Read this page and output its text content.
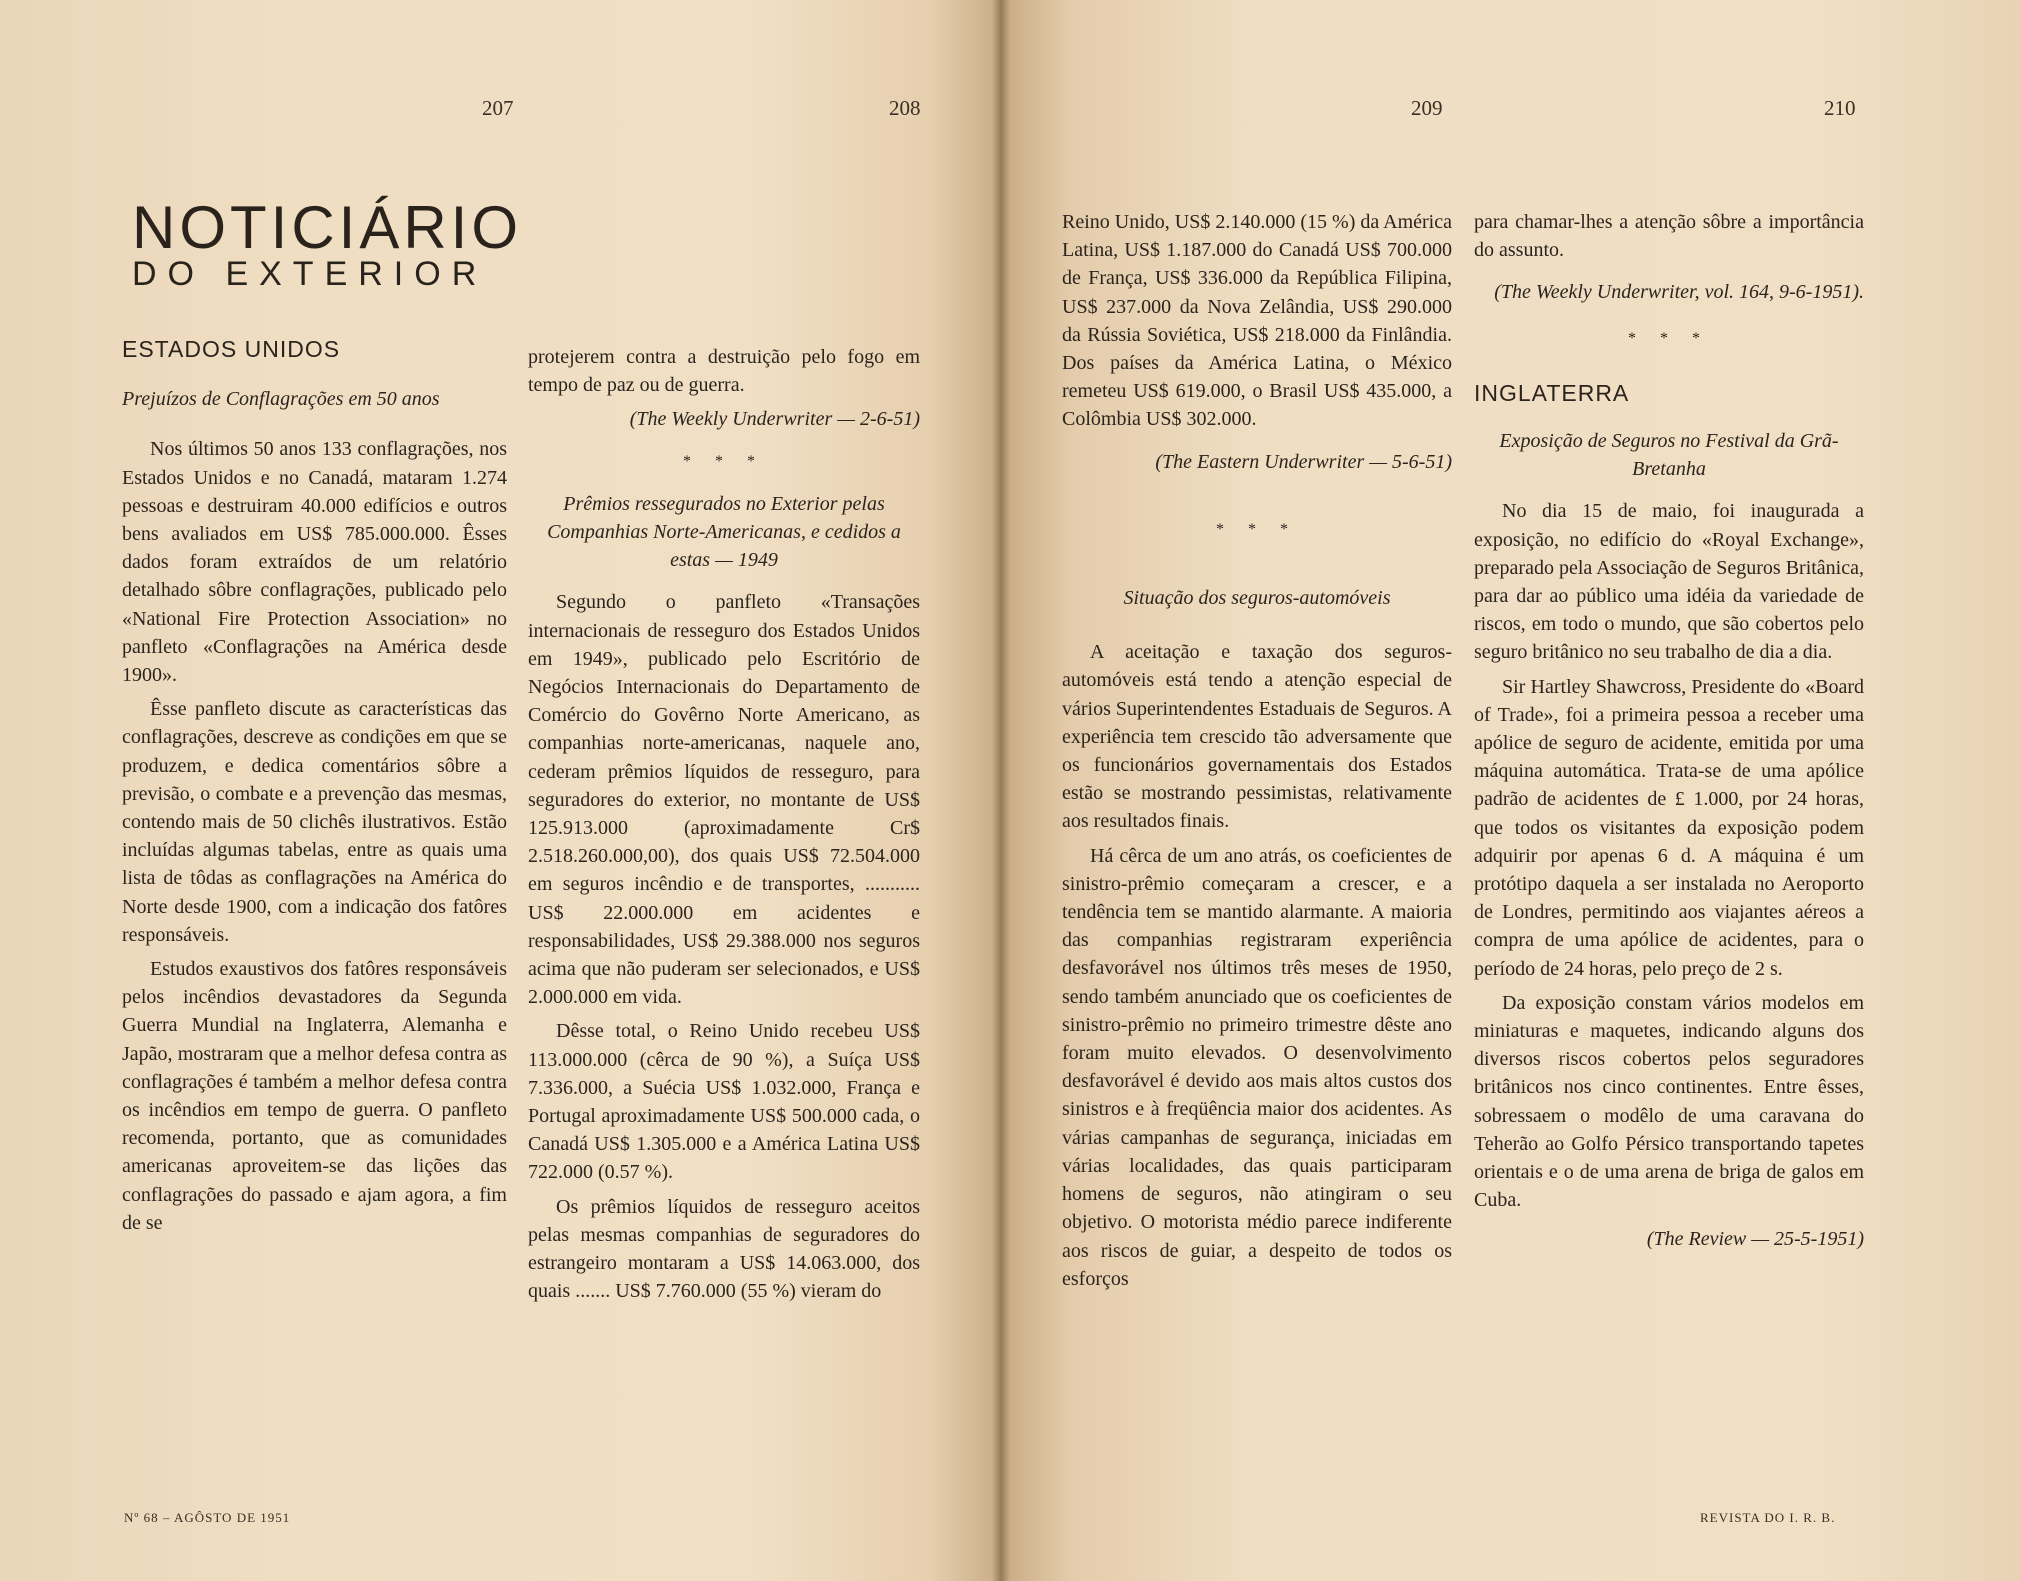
207	208	209	210
NOTICIÁRIO
DO EXTERIOR

ESTADOS UNIDOS

Prejuízos de Conflagrações em 50 anos

Nos últimos 50 anos 133 conflagrações, nos Estados Unidos e no Canadá, mataram 1.274 pessoas e destruiram 40.000 edifícios e outros bens avaliados em US$ 785.000.000. Êsses dados foram extraídos de um relatório detalhado sôbre conflagrações, publicado pelo «National Fire Protection Association» no panfleto «Conflagrações na América desde 1900».

Êsse panfleto discute as características das conflagrações, descreve as condições em que se produzem, e dedica comentários sôbre a previsão, o combate e a prevenção das mesmas, contendo mais de 50 clichês ilustrativos. Estão incluídas algumas tabelas, entre as quais uma lista de tôdas as conflagrações na América do Norte desde 1900, com a indicação dos fatôres responsáveis.

Estudos exaustivos dos fatôres responsáveis pelos incêndios devastadores da Segunda Guerra Mundial na Inglaterra, Alemanha e Japão, mostraram que a melhor defesa contra as conflagrações é também a melhor defesa contra os incêndios em tempo de guerra. O panfleto recomenda, portanto, que as comunidades americanas aproveitem-se das lições das conflagrações do passado e ajam agora, a fim de se

protejerem contra a destruição pelo fogo em tempo de paz ou de guerra.

(The Weekly Underwriter — 2-6-51)

* * *

Prêmios ressegurados no Exterior pelas Companhias Norte-Americanas, e cedidos a estas — 1949

Segundo o panfleto «Transações internacionais de resseguro dos Estados Unidos em 1949», publicado pelo Escritório de Negócios Internacionais do Departamento de Comércio do Govêrno Norte Americano, as companhias norte-americanas, naquele ano, cederam prêmios líquidos de resseguro, para seguradores do exterior, no montante de US$ 125.913.000 (aproximadamente Cr$ 2.518.260.000,00), dos quais US$ 72.504.000 em seguros incêndio e de transportes, ........... US$ 22.000.000 em acidentes e responsabilidades, US$ 29.388.000 nos seguros acima que não puderam ser selecionados, e US$ 2.000.000 em vida.

Dêsse total, o Reino Unido recebeu US$ 113.000.000 (cêrca de 90 %), a Suíça US$ 7.336.000, a Suécia US$ 1.032.000, França e Portugal aproximadamente US$ 500.000 cada, o Canadá US$ 1.305.000 e a América Latina US$ 722.000 (0.57 %).

Os prêmios líquidos de resseguro aceitos pelas mesmas companhias de seguradores do estrangeiro montaram a US$ 14.063.000, dos quais ....... US$ 7.760.000 (55 %) vieram do

Reino Unido, US$ 2.140.000 (15 %) da América Latina, US$ 1.187.000 do Canadá US$ 700.000 de França, US$ 336.000 da República Filipina, US$ 237.000 da Nova Zelândia, US$ 290.000 da Rússia Soviética, US$ 218.000 da Finlândia. Dos países da América Latina, o México remeteu US$ 619.000, o Brasil US$ 435.000, a Colômbia US$ 302.000.

(The Eastern Underwriter — 5-6-51)

* * *

Situação dos seguros-automóveis

A aceitação e taxação dos seguros-automóveis está tendo a atenção especial de vários Superintendentes Estaduais de Seguros. A experiência tem crescido tão adversamente que os funcionários governamentais dos Estados estão se mostrando pessimistas, relativamente aos resultados finais.

Há cêrca de um ano atrás, os coeficientes de sinistro-prêmio começaram a crescer, e a tendência tem se mantido alarmante. A maioria das companhias registraram experiência desfavorável nos últimos três meses de 1950, sendo também anunciado que os coeficientes de sinistro-prêmio no primeiro trimestre dêste ano foram muito elevados. O desenvolvimento desfavorável é devido aos mais altos custos dos sinistros e à freqüência maior dos acidentes. As várias campanhas de segurança, iniciadas em várias localidades, das quais participaram homens de seguros, não atingiram o seu objetivo. O motorista médio parece indiferente aos riscos de guiar, a despeito de todos os esforços

para chamar-lhes a atenção sôbre a importância do assunto.

(The Weekly Underwriter, vol. 164, 9-6-1951).

* * *

INGLATERRA

Exposição de Seguros no Festival da Grã-Bretanha

No dia 15 de maio, foi inaugurada a exposição, no edifício do «Royal Exchange», preparado pela Associação de Seguros Britânica, para dar ao público uma idéia da variedade de riscos, em todo o mundo, que são cobertos pelo seguro britânico no seu trabalho de dia a dia.

Sir Hartley Shawcross, Presidente do «Board of Trade», foi a primeira pessoa a receber uma apólice de seguro de acidente, emitida por uma máquina automática. Trata-se de uma apólice padrão de acidentes de £ 1.000, por 24 horas, que todos os visitantes da exposição podem adquirir por apenas 6 d. A máquina é um protótipo daquela a ser instalada no Aeroporto de Londres, permitindo aos viajantes aéreos a compra de uma apólice de acidentes, para o período de 24 horas, pelo preço de 2 s.

Da exposição constam vários modelos em miniaturas e maquetes, indicando alguns dos diversos riscos cobertos pelos seguradores britânicos nos cinco continentes. Entre êsses, sobressaem o modêlo de uma caravana do Teherão ao Golfo Pérsico transportando tapetes orientais e o de uma arena de briga de galos em Cuba.

(The Review — 25-5-1951)

Nº 68 – AGÔSTO DE 1951	REVISTA DO I. R. B.
